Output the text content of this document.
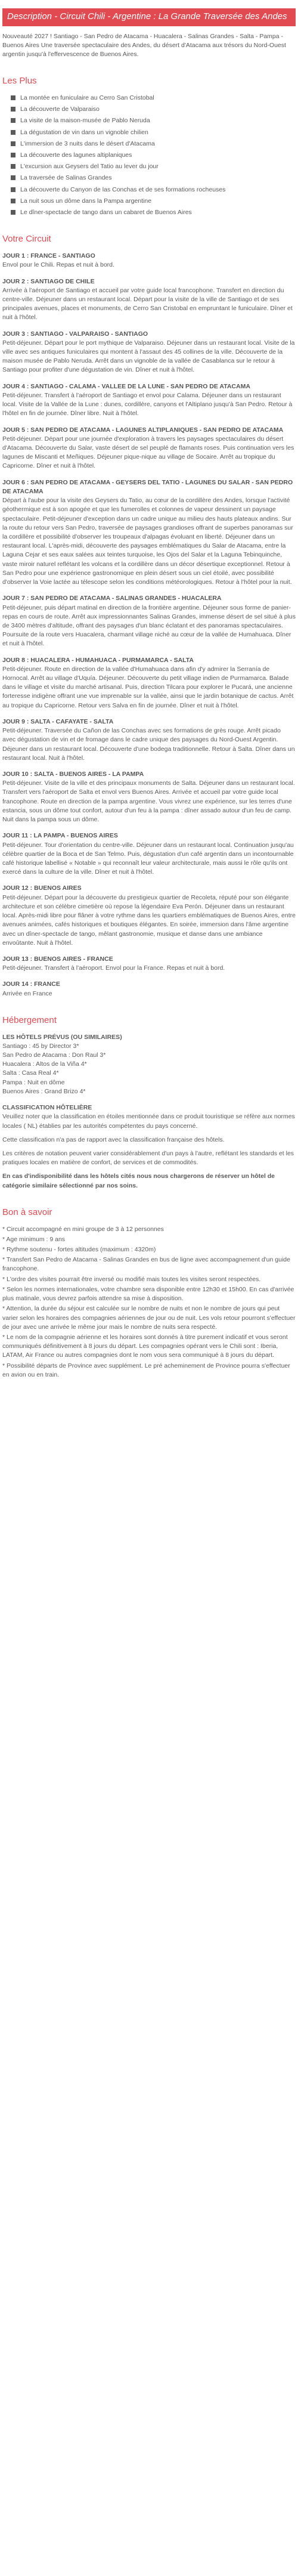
Description - Circuit Chili - Argentine : La Grande Traversée des Andes

Nouveauté 2027 ! Santiago - San Pedro de Atacama - Huacalera - Salinas Grandes - Salta - Pampa - Buenos Aires Une traversée spectaculaire des Andes, du désert d'Atacama aux trésors du Nord-Ouest argentin jusqu'à l'effervescence de Buenos Aires.

Les Plus
La montée en funiculaire au Cerro San Cristobal
La découverte de Valparaiso
La visite de la maison-musée de Pablo Neruda
La dégustation de vin dans un vignoble chilien
L'immersion de 3 nuits dans le désert d'Atacama
La découverte des lagunes altiplaniques
L'excursion aux Geysers del Tatio au lever du jour
La traversée de Salinas Grandes
La découverte du Canyon de las Conchas et de ses formations rocheuses
La nuit sous un dôme dans la Pampa argentine
Le dîner-spectacle de tango dans un cabaret de Buenos Aires
Votre Circuit
JOUR 1 : FRANCE - SANTIAGO
Envol pour le Chili. Repas et nuit à bord.
JOUR 2 : SANTIAGO DE CHILE
Arrivée à l'aéroport de Santiago et accueil par votre guide local francophone. Transfert en direction du centre-ville. Déjeuner dans un restaurant local. Départ pour la visite de la ville de Santiago et de ses principales avenues, places et monuments, de Cerro San Cristobal en empruntant le funiculaire. Dîner et nuit à l'hôtel.
JOUR 3 : SANTIAGO - VALPARAISO - SANTIAGO
Petit-déjeuner. Départ pour le port mythique de Valparaiso. Déjeuner dans un restaurant local. Visite de la ville avec ses antiques funiculaires qui montent à l'assaut des 45 collines de la ville. Découverte de la maison musée de Pablo Neruda. Arrêt dans un vignoble de la vallée de Casablanca sur le retour à Santiago pour profiter d'une dégustation de vin. Dîner et nuit à l'hôtel.
JOUR 4 : SANTIAGO - CALAMA - VALLEE DE LA LUNE - SAN PEDRO DE ATACAMA
Petit-déjeuner. Transfert à l'aéroport de Santiago et envol pour Calama. Déjeuner dans un restaurant local. Visite de la Vallée de la Lune : dunes, cordillère, canyons et l'Altiplano jusqu'à San Pedro. Retour à l'hôtel en fin de journée. Dîner libre. Nuit à l'hôtel.
JOUR 5 : SAN PEDRO DE ATACAMA - LAGUNES ALTIPLANIQUES - SAN PEDRO DE ATACAMA
Petit-déjeuner. Départ pour une journée d'exploration à travers les paysages spectaculaires du désert d'Atacama. Découverte du Salar, vaste désert de sel peuplé de flamants roses. Puis continuation vers les lagunes de Miscanti et Meñiques. Déjeuner pique-nique au village de Socaire. Arrêt au tropique du Capricorne. Dîner et nuit à l'hôtel.
JOUR 6 : SAN PEDRO DE ATACAMA - GEYSERS DEL TATIO - LAGUNES DU SALAR - SAN PEDRO DE ATACAMA
Départ à l'aube pour la visite des Geysers du Tatio, au cœur de la cordillère des Andes, lorsque l'activité géothermique est à son apogée et que les fumerolles et colonnes de vapeur dessinent un paysage spectaculaire. Petit-déjeuner d'exception dans un cadre unique au milieu des hauts plateaux andins. Sur la route du retour vers San Pedro, traversée de paysages grandioses offrant de superbes panoramas sur la cordillère et possibilité d'observer les troupeaux d'alpagas évoluant en liberté. Déjeuner dans un restaurant local. L'après-midi, découverte des paysages emblématiques du Salar de Atacama, entre la Laguna Cejar et ses eaux salées aux teintes turquoise, les Ojos del Salar et la Laguna Tebinquinche, vaste miroir naturel reflétant les volcans et la cordillère dans un décor désertique exceptionnel. Retour à San Pedro pour une expérience gastronomique en plein désert sous un ciel étoilé, avec possibilité d'observer la Voie lactée au télescope selon les conditions météorologiques. Retour à l'hôtel pour la nuit.
JOUR 7 : SAN PEDRO DE ATACAMA - SALINAS GRANDES - HUACALERA
Petit-déjeuner, puis départ matinal en direction de la frontière argentine. Déjeuner sous forme de panier-repas en cours de route. Arrêt aux impressionnantes Salinas Grandes, immense désert de sel situé à plus de 3400 mètres d'altitude, offrant des paysages d'un blanc éclatant et des panoramas spectaculaires. Poursuite de la route vers Huacalera, charmant village niché au cœur de la vallée de Humahuaca. Dîner et nuit à l'hôtel.
JOUR 8 : HUACALERA - HUMAHUACA - PURMAMARCA - SALTA
Petit-déjeuner. Route en direction de la vallée d'Humahuaca dans afin d'y admirer la Serranía de Hornocal. Arrêt au village d'Uquía. Déjeuner. Découverte du petit village indien de Purmamarca. Balade dans le village et visite du marché artisanal. Puis, direction Tilcara pour explorer le Pucará, une ancienne forteresse indigène offrant une vue imprenable sur la vallée, ainsi que le jardin botanique de cactus. Arrêt au tropique du Capricorne. Retour vers Salva en fin de journée. Dîner et nuit à l'hôtel.
JOUR 9 : SALTA - CAFAYATE - SALTA
Petit-déjeuner. Traversée du Cañon de las Conchas avec ses formations de grès rouge. Arrêt picado avec dégustation de vin et de fromage dans le cadre unique des paysages du Nord-Ouest Argentin. Déjeuner dans un restaurant local. Découverte d'une bodega traditionnelle. Retour à Salta. Dîner dans un restaurant local. Nuit à l'hôtel.
JOUR 10 : SALTA - BUENOS AIRES - LA PAMPA
Petit-déjeuner. Visite de la ville et des principaux monuments de Salta. Déjeuner dans un restaurant local. Transfert vers l'aéroport de Salta et envol vers Buenos Aires. Arrivée et accueil par votre guide local francophone. Route en direction de la pampa argentine. Vous vivrez une expérience, sur les terres d'une estancia, sous un dôme tout confort, autour d'un feu à la pampa : dîner assado autour d'un feu de camp. Nuit dans la pampa sous un dôme.
JOUR 11 : LA PAMPA - BUENOS AIRES
Petit-déjeuner. Tour d'orientation du centre-ville. Déjeuner dans un restaurant local. Continuation jusqu'au célèbre quartier de la Boca et de San Telmo. Puis, dégustation d'un café argentin dans un incontournable café historique labellisé « Notable » qui reconnaît leur valeur architecturale, mais aussi le rôle qu'ils ont exercé dans la culture de la ville. Dîner et nuit à l'hôtel.
JOUR 12 : BUENOS AIRES
Petit-déjeuner. Départ pour la découverte du prestigieux quartier de Recoleta, réputé pour son élégante architecture et son célèbre cimetière où repose la légendaire Eva Perón. Déjeuner dans un restaurant local. Après-midi libre pour flâner à votre rythme dans les quartiers emblématiques de Buenos Aires, entre avenues animées, cafés historiques et boutiques élégantes. En soirée, immersion dans l'âme argentine avec un dîner-spectacle de tango, mêlant gastronomie, musique et danse dans une ambiance envoûtante. Nuit à l'hôtel.
JOUR 13 : BUENOS AIRES - FRANCE
Petit-déjeuner. Transfert à l'aéroport. Envol pour la France. Repas et nuit à bord.
JOUR 14 : FRANCE
Arrivée en France
Hébergement
LES HÔTELS PRÉVUS (OU SIMILAIRES)
Santiago : 45 by Director 3*
San Pedro de Atacama : Don Raul 3*
Huacalera : Altos de la Viña 4*
Salta : Casa Real 4*
Pampa : Nuit en dôme
Buenos Aires : Grand Brizo 4*
CLASSIFICATION HÔTELIÈRE

Veuillez noter que la classification en étoiles mentionnée dans ce produit touristique se réfère aux normes locales ( NL) établies par les autorités compétentes du pays concerné.

Cette classification n'a pas de rapport avec la classification française des hôtels.

Les critères de notation peuvent varier considérablement d'un pays à l'autre, reflétant les standards et les pratiques locales en matière de confort, de services et de commodités.

En cas d'indisponibilité dans les hôtels cités nous nous chargerons de réserver un hôtel de catégorie similaire sélectionné par nos soins.

Bon à savoir
* Circuit accompagné en mini groupe de 3 à 12 personnes
* Age minimum : 9 ans
* Rythme soutenu - fortes altitudes (maximum : 4320m)
* Transfert San Pedro de Atacama - Salinas Grandes en bus de ligne avec accompagnement d'un guide francophone.
* L'ordre des visites pourrait être inversé ou modifié mais toutes les visites seront respectées.
* Selon les normes internationales, votre chambre sera disponible entre 12h30 et 15h00. En cas d'arrivée plus matinale, vous devrez parfois attendre sa mise à disposition.
* Attention, la durée du séjour est calculée sur le nombre de nuits et non le nombre de jours qui peut varier selon les horaires des compagnies aériennes de jour ou de nuit. Les vols retour pourront s'effectuer de jour avec une arrivée le même jour mais le nombre de nuits sera respecté.
* Le nom de la compagnie aérienne et les horaires sont donnés à titre purement indicatif et vous seront communiqués définitivement à 8 jours du départ. Les compagnies opérant vers le Chili sont : Iberia, LATAM, Air France ou autres compagnies dont le nom vous sera communiqué à 8 jours du départ.
* Possibilité départs de Province avec supplément. Le pré acheminement de Province pourra s'effectuer en avion ou en train.
